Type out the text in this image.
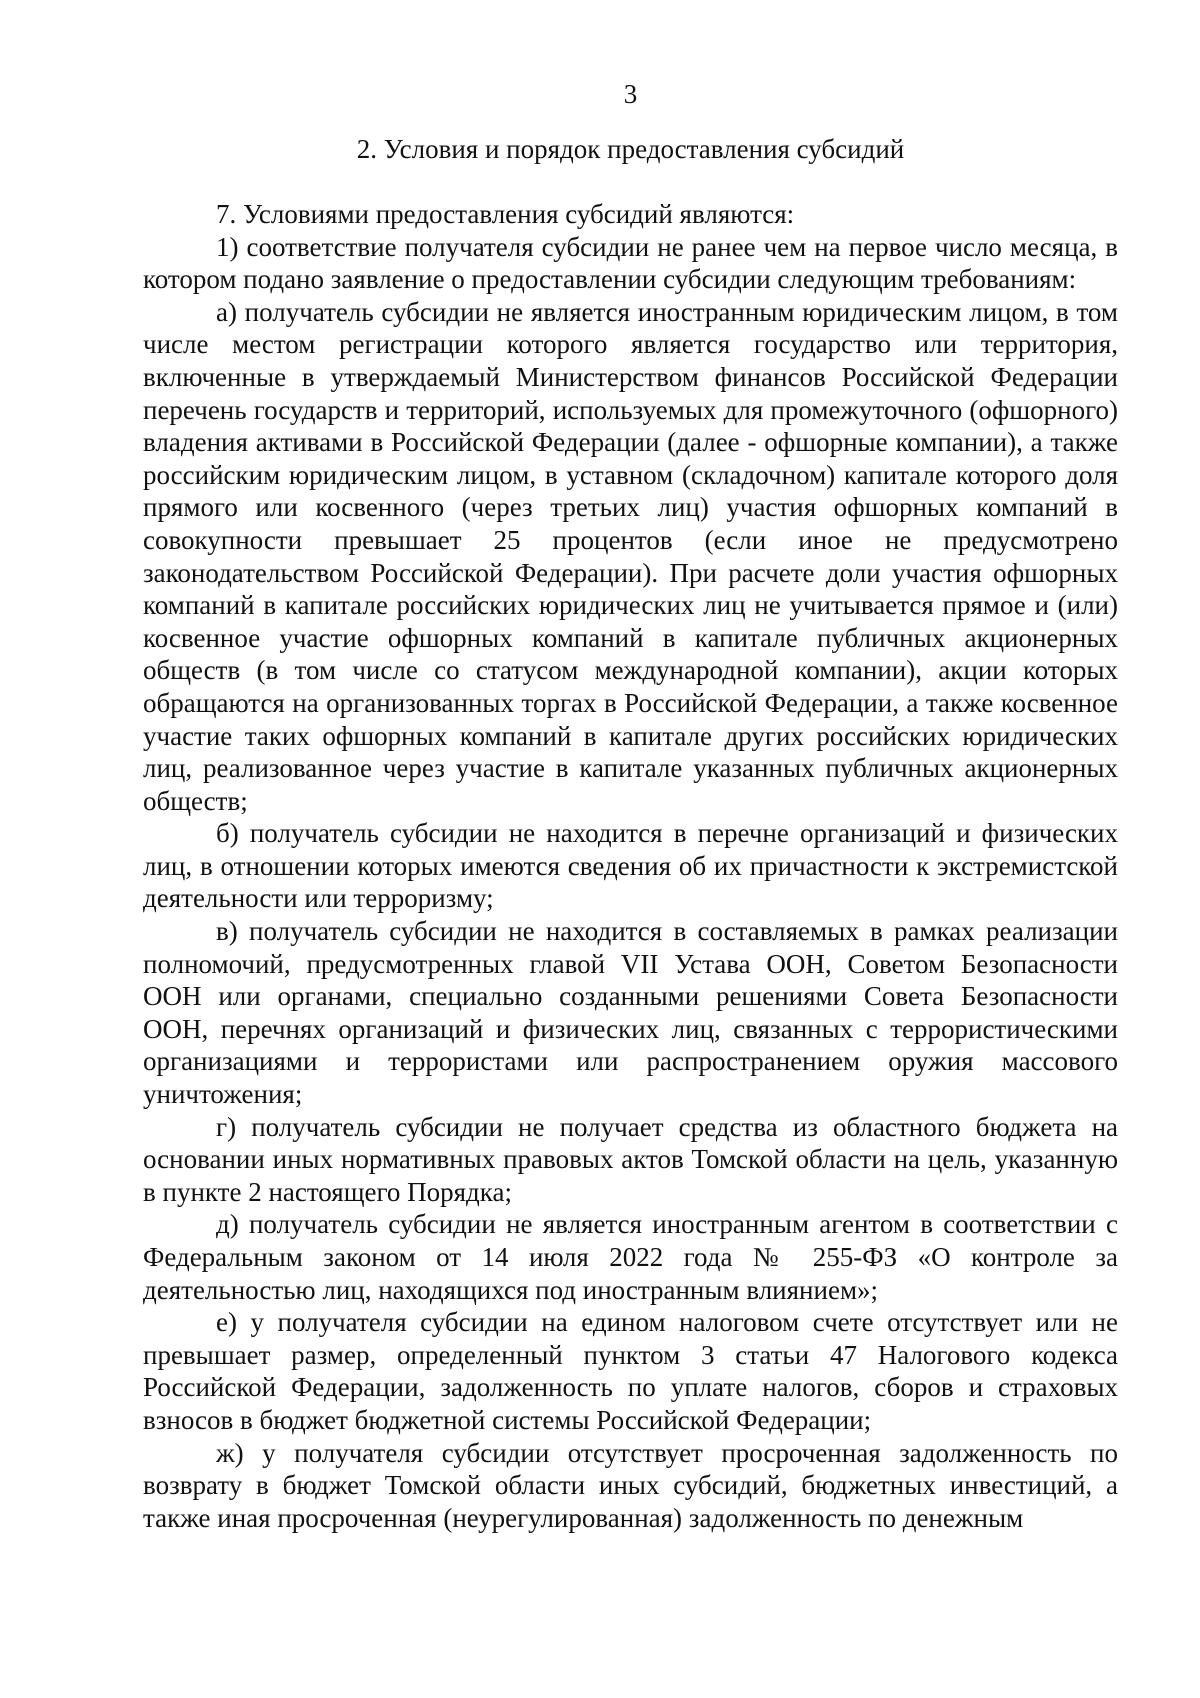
3
2. Условия и порядок предоставления субсидий

7. Условиями предоставления субсидий являются:

1) соответствие получателя субсидии не ранее чем на первое число месяца, в котором подано заявление о предоставлении субсидии следующим требованиям:

а) получатель субсидии не является иностранным юридическим лицом, в том числе местом регистрации которого является государство или территория, включенные в утверждаемый Министерством финансов Российской Федерации перечень государств и территорий, используемых для промежуточного (офшорного) владения активами в Российской Федерации (далее - офшорные компании), а также российским юридическим лицом, в уставном (складочном) капитале которого доля прямого или косвенного (через третьих лиц) участия офшорных компаний в совокупности превышает 25 процентов (если иное не предусмотрено законодательством Российской Федерации). При расчете доли участия офшорных компаний в капитале российских юридических лиц не учитывается прямое и (или) косвенное участие офшорных компаний в капитале публичных акционерных обществ (в том числе со статусом международной компании), акции которых обращаются на организованных торгах в Российской Федерации, а также косвенное участие таких офшорных компаний в капитале других российских юридических лиц, реализованное через участие в капитале указанных публичных акционерных обществ;

б) получатель субсидии не находится в перечне организаций и физических лиц, в отношении которых имеются сведения об их причастности к экстремистской деятельности или терроризму;

в) получатель субсидии не находится в составляемых в рамках реализации полномочий, предусмотренных главой VII Устава ООН, Советом Безопасности ООН или органами, специально созданными решениями Совета Безопасности ООН, перечнях организаций и физических лиц, связанных с террористическими организациями и террористами или распространением оружия массового уничтожения;

г) получатель субсидии не получает средства из областного бюджета на основании иных нормативных правовых актов Томской области на цель, указанную в пункте 2 настоящего Порядка;

д) получатель субсидии не является иностранным агентом в соответствии с Федеральным законом от 14 июля 2022 года № 255-ФЗ «О контроле за деятельностью лиц, находящихся под иностранным влиянием»;

е) у получателя субсидии на едином налоговом счете отсутствует или не превышает размер, определенный пунктом 3 статьи 47 Налогового кодекса Российской Федерации, задолженность по уплате налогов, сборов и страховых взносов в бюджет бюджетной системы Российской Федерации;

ж) у получателя субсидии отсутствует просроченная задолженность по возврату в бюджет Томской области иных субсидий, бюджетных инвестиций, а также иная просроченная (неурегулированная) задолженность по денежным
